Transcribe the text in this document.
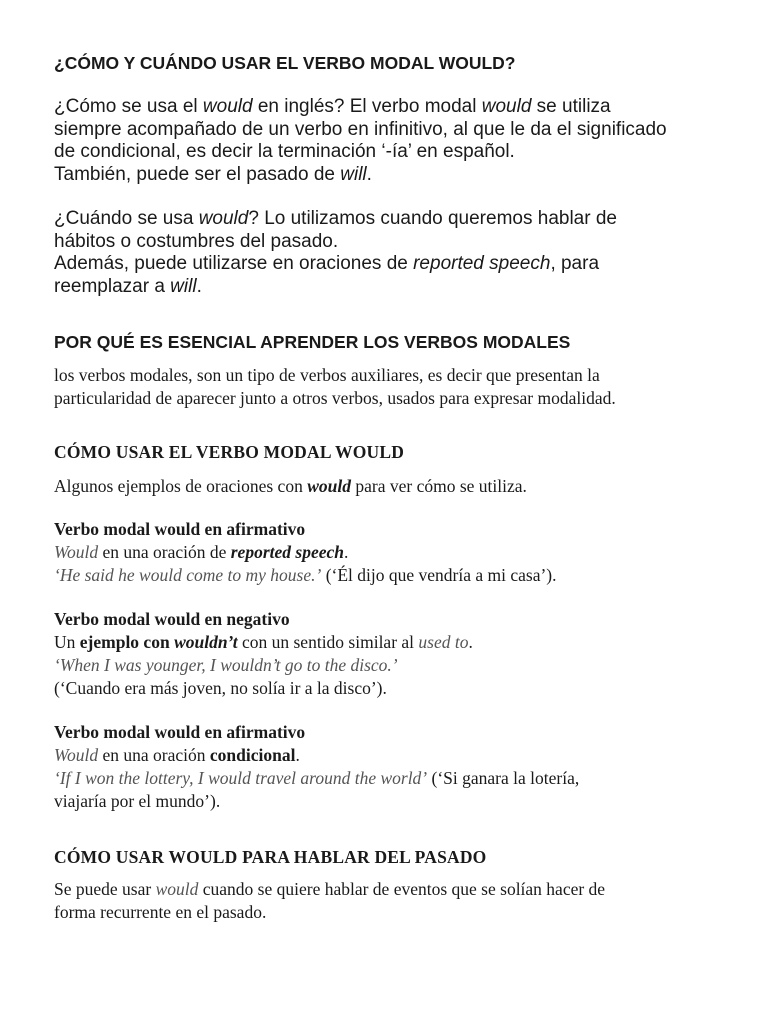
¿CÓMO Y CUÁNDO USAR EL VERBO MODAL WOULD?
¿Cómo se usa el would en inglés? El verbo modal would se utiliza
siempre acompañado de un verbo en infinitivo, al que le da el significado
de condicional, es decir la terminación ‘-ía’ en español.
También, puede ser el pasado de will.
¿Cuándo se usa would? Lo utilizamos cuando queremos hablar de
hábitos o costumbres del pasado.
Además, puede utilizarse en oraciones de reported speech, para
reemplazar a will.
POR QUÉ ES ESENCIAL APRENDER LOS VERBOS MODALES
los verbos modales, son un tipo de verbos auxiliares, es decir que presentan la
particularidad de aparecer junto a otros verbos, usados para expresar modalidad.
CÓMO USAR EL VERBO MODAL WOULD
Algunos ejemplos de oraciones con would para ver cómo se utiliza.
Verbo modal would en afirmativo
Would en una oración de reported speech.
‘He said he would come to my house.’ (‘Él dijo que vendría a mi casa’).
Verbo modal would en negativo
Un ejemplo con wouldn’t con un sentido similar al used to.
‘When I was younger, I wouldn’t go to the disco.’
(‘Cuando era más joven, no solía ir a la disco’).
Verbo modal would en afirmativo
Would en una oración condicional.
‘If I won the lottery, I would travel around the world’ (‘Si ganara la lotería,
viajaría por el mundo’).
CÓMO USAR WOULD PARA HABLAR DEL PASADO
Se puede usar would cuando se quiere hablar de eventos que se solían hacer de
forma recurrente en el pasado.
